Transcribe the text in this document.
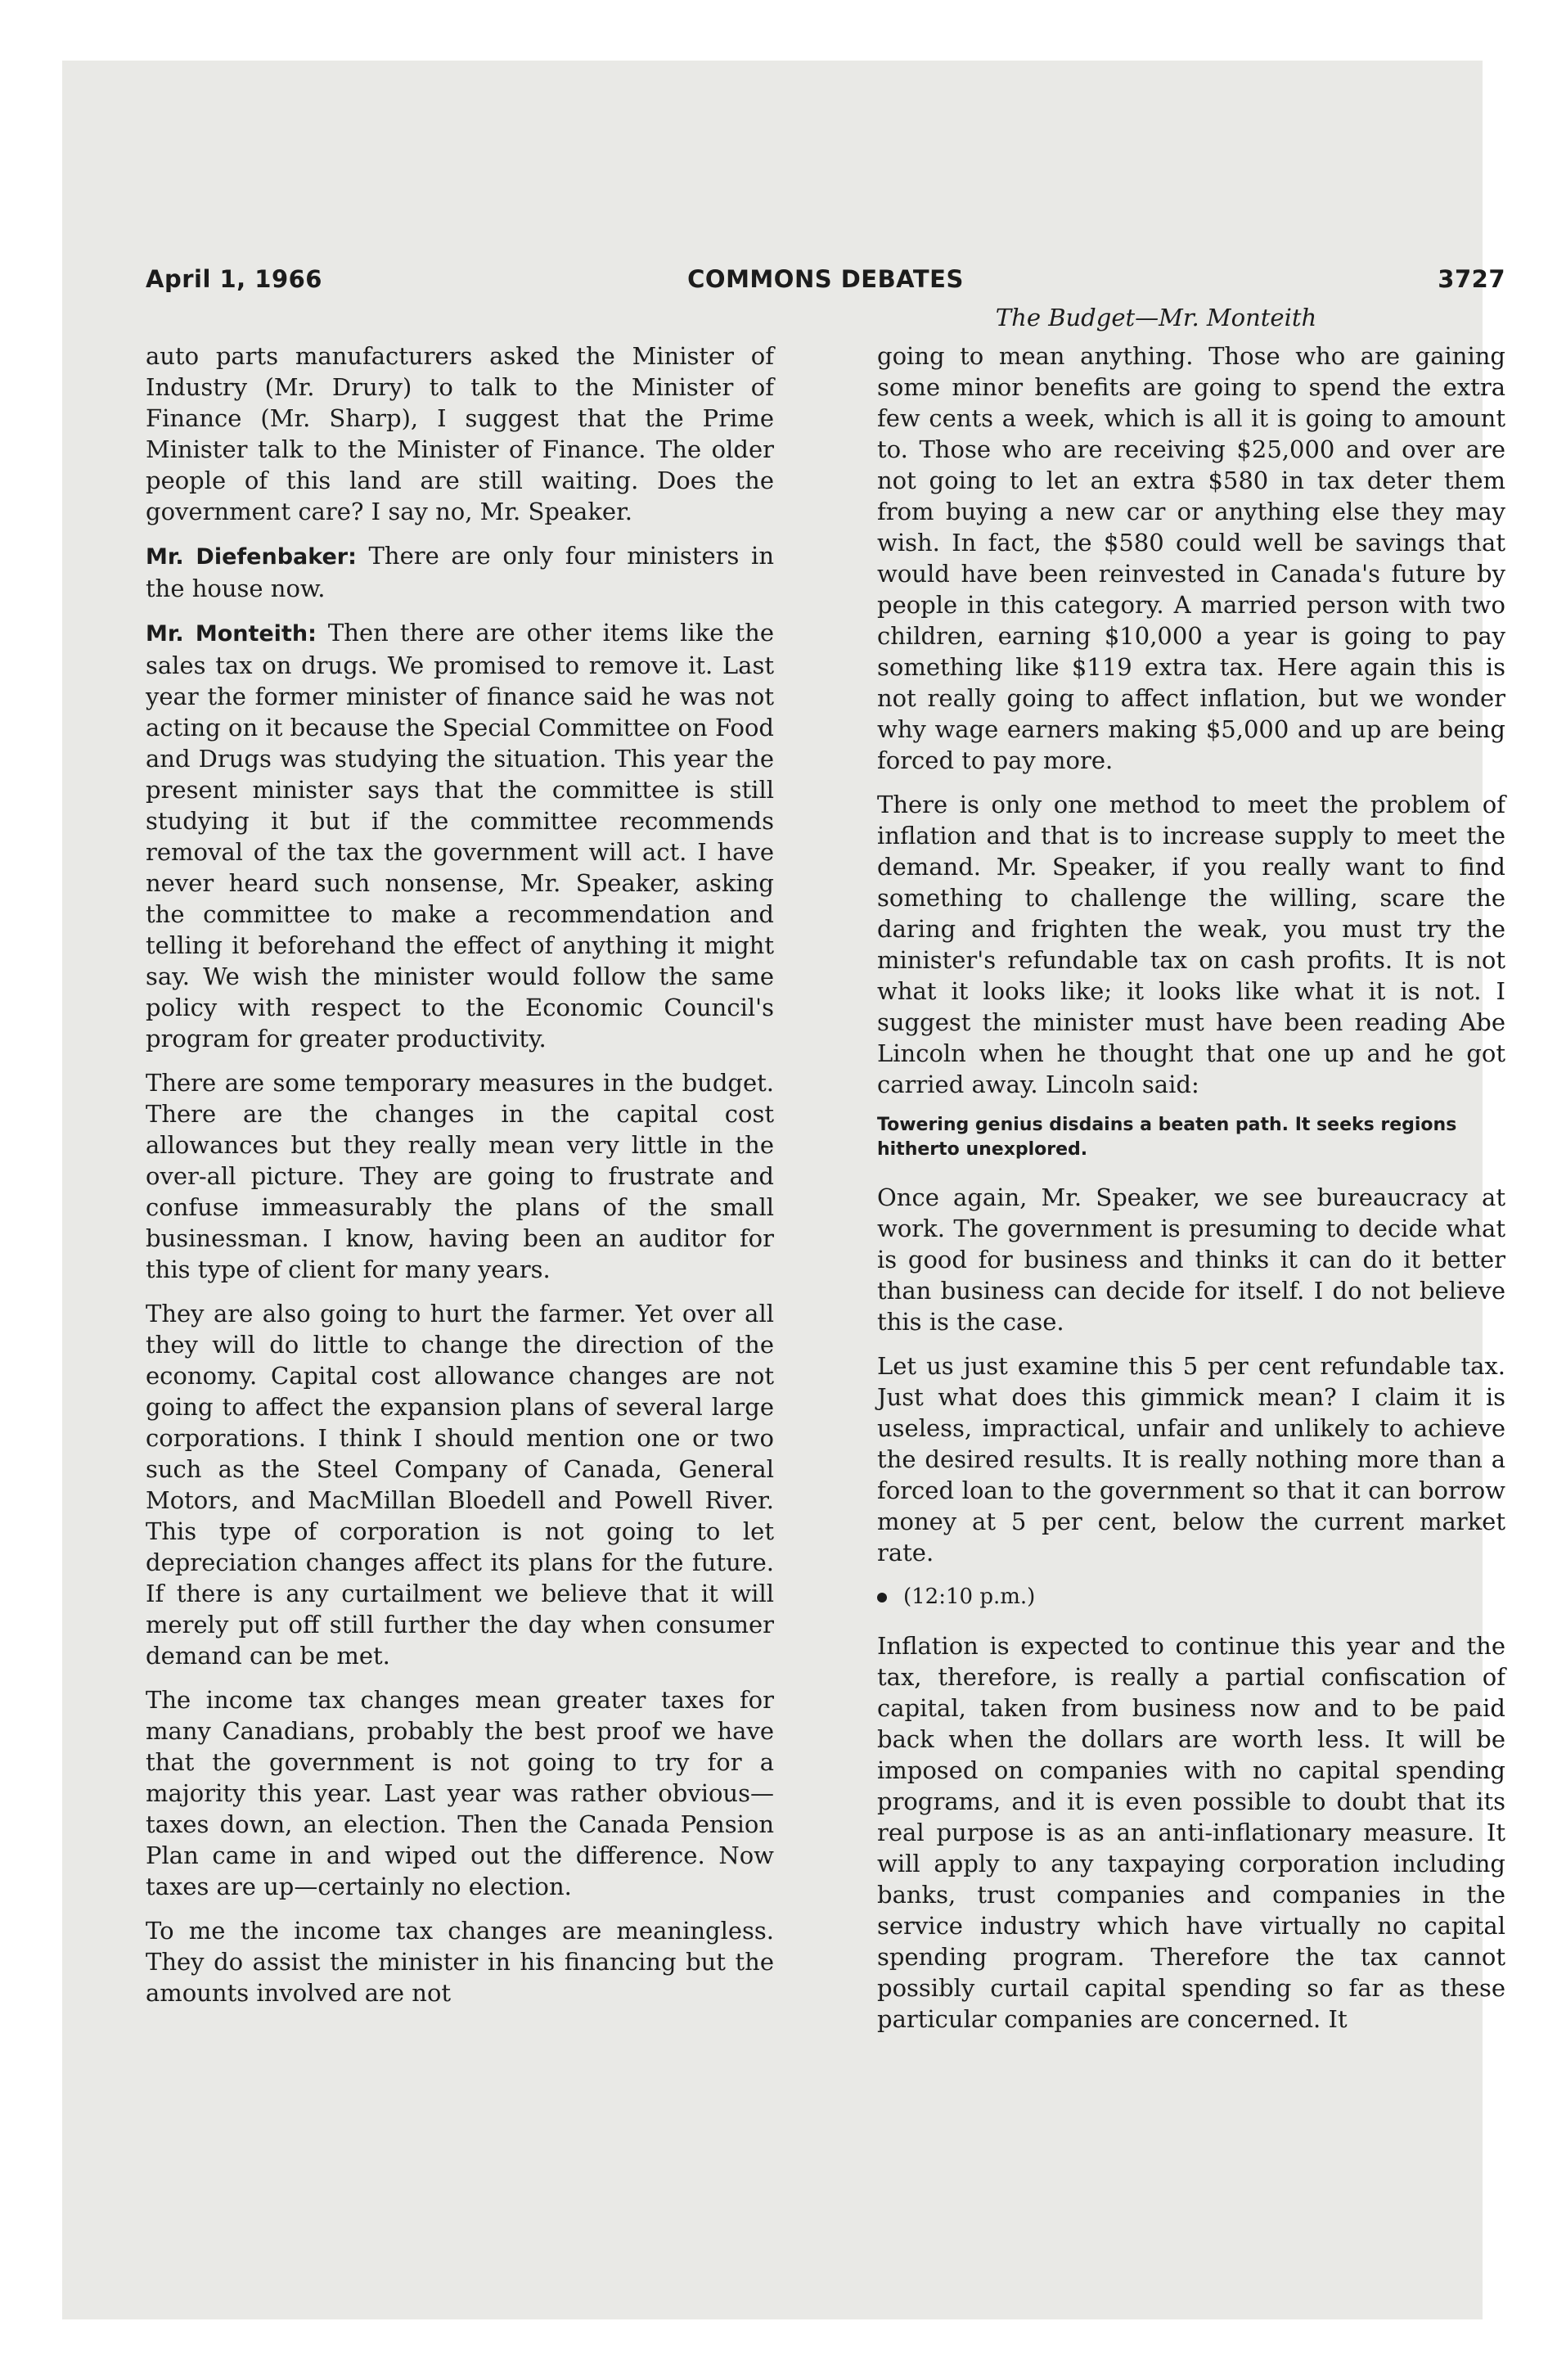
April 1, 1966	COMMONS DEBATES	3727
The Budget—Mr. Monteith

auto parts manufacturers asked the Minister of Industry (Mr. Drury) to talk to the Minister of Finance (Mr. Sharp), I suggest that the Prime Minister talk to the Minister of Finance. The older people of this land are still waiting. Does the government care? I say no, Mr. Speaker.

Mr. Diefenbaker: There are only four ministers in the house now.

Mr. Monteith: Then there are other items like the sales tax on drugs. We promised to remove it. Last year the former minister of finance said he was not acting on it because the Special Committee on Food and Drugs was studying the situation. This year the present minister says that the committee is still studying it but if the committee recommends removal of the tax the government will act. I have never heard such nonsense, Mr. Speaker, asking the committee to make a recommendation and telling it beforehand the effect of anything it might say. We wish the minister would follow the same policy with respect to the Economic Council's program for greater productivity.

There are some temporary measures in the budget. There are the changes in the capital cost allowances but they really mean very little in the over-all picture. They are going to frustrate and confuse immeasurably the plans of the small businessman. I know, having been an auditor for this type of client for many years.

They are also going to hurt the farmer. Yet over all they will do little to change the direction of the economy. Capital cost allowance changes are not going to affect the expansion plans of several large corporations. I think I should mention one or two such as the Steel Company of Canada, General Motors, and MacMillan Bloedell and Powell River. This type of corporation is not going to let depreciation changes affect its plans for the future. If there is any curtailment we believe that it will merely put off still further the day when consumer demand can be met.

The income tax changes mean greater taxes for many Canadians, probably the best proof we have that the government is not going to try for a majority this year. Last year was rather obvious—taxes down, an election. Then the Canada Pension Plan came in and wiped out the difference. Now taxes are up—certainly no election.

To me the income tax changes are meaningless. They do assist the minister in his financing but the amounts involved are not

going to mean anything. Those who are gaining some minor benefits are going to spend the extra few cents a week, which is all it is going to amount to. Those who are receiving $25,000 and over are not going to let an extra $580 in tax deter them from buying a new car or anything else they may wish. In fact, the $580 could well be savings that would have been reinvested in Canada's future by people in this category. A married person with two children, earning $10,000 a year is going to pay something like $119 extra tax. Here again this is not really going to affect inflation, but we wonder why wage earners making $5,000 and up are being forced to pay more.

There is only one method to meet the problem of inflation and that is to increase supply to meet the demand. Mr. Speaker, if you really want to find something to challenge the willing, scare the daring and frighten the weak, you must try the minister's refundable tax on cash profits. It is not what it looks like; it looks like what it is not. I suggest the minister must have been reading Abe Lincoln when he thought that one up and he got carried away. Lincoln said:

Towering genius disdains a beaten path. It seeks regions hitherto unexplored.

Once again, Mr. Speaker, we see bureaucracy at work. The government is presuming to decide what is good for business and thinks it can do it better than business can decide for itself. I do not believe this is the case.

Let us just examine this 5 per cent refundable tax. Just what does this gimmick mean? I claim it is useless, impractical, unfair and unlikely to achieve the desired results. It is really nothing more than a forced loan to the government so that it can borrow money at 5 per cent, below the current market rate.

(12:10 p.m.)

Inflation is expected to continue this year and the tax, therefore, is really a partial confiscation of capital, taken from business now and to be paid back when the dollars are worth less. It will be imposed on companies with no capital spending programs, and it is even possible to doubt that its real purpose is as an anti-inflationary measure. It will apply to any taxpaying corporation including banks, trust companies and companies in the service industry which have virtually no capital spending program. Therefore the tax cannot possibly curtail capital spending so far as these particular companies are concerned. It
